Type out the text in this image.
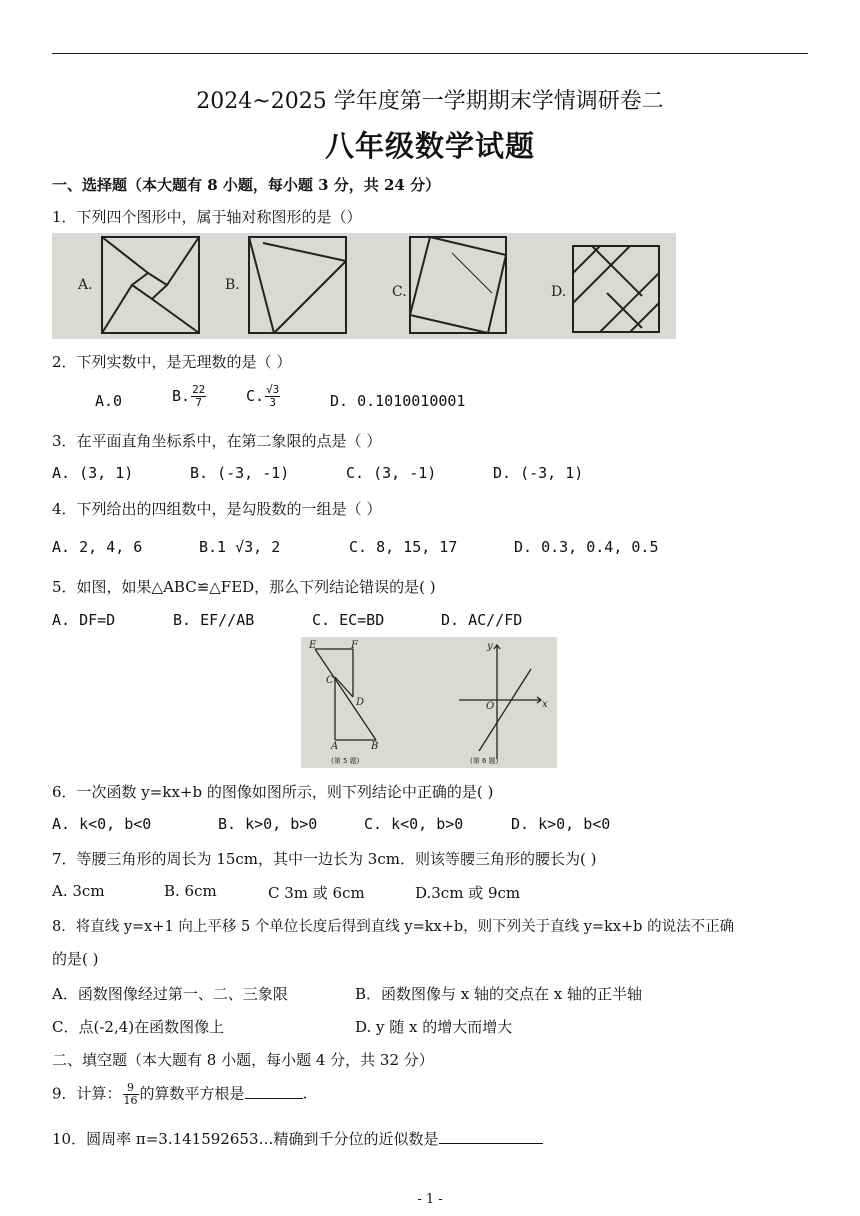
2024~2025 学年度第一学期期末学情调研卷二
八年级数学试题
一、选择题（本大题有 8 小题，每小题 3 分，共 24 分）
1．下列四个图形中，属于轴对称图形的是（）
A.	B.	C.	D.
2．下列实数中，是无理数的是（ ）
A.0	B. $\frac{22}{7}$	C. $\frac{√3}{3}$	D. 0.1010010001
3．在平面直角坐标系中，在第二象限的点是（ ）
A. (3, 1)	B. (-3, -1)	C. (3, -1)	D. (-3, 1)
4．下列给出的四组数中，是勾股数的一组是（ ）
A. 2, 4, 6	B.1 √3, 2	C. 8, 15, 17	D. 0.3, 0.4, 0.5
5．如图，如果△ABC≌△FED，那么下列结论错误的是( )
A. DF=D	B. EF//AB	C. EC=BD	D. AC//FD
E	F
C
D
A	B
y
O	x
(第 5 题)	(第 6 题)
6．一次函数 y=kx+b 的图像如图所示，则下列结论中正确的是( )
A. k<0, b<0	B. k>0, b>0	C. k<0, b>0	D. k>0, b<0
7．等腰三角形的周长为 15cm，其中一边长为 3cm．则该等腰三角形的腰长为( )
A. 3cm	B. 6cm	C 3m 或 6cm	D.3cm 或 9cm
8．将直线 y=x+1 向上平移 5 个单位长度后得到直线 y=kx+b，则下列关于直线 y=kx+b 的说法不正确
的是( )
A．函数图像经过第一、二、三象限	B．函数图像与 x 轴的交点在 x 轴的正半轴
C．点(-2,4)在函数图像上	D. y 随 x 的增大而增大
二、填空题（本大题有 8 小题，每小题 4 分，共 32 分）
9．计算： $\frac{9}{16}$ 的算数平方根是	.
10．圆周率 π=3.141592653…精确到千分位的近似数是
- 1 -
